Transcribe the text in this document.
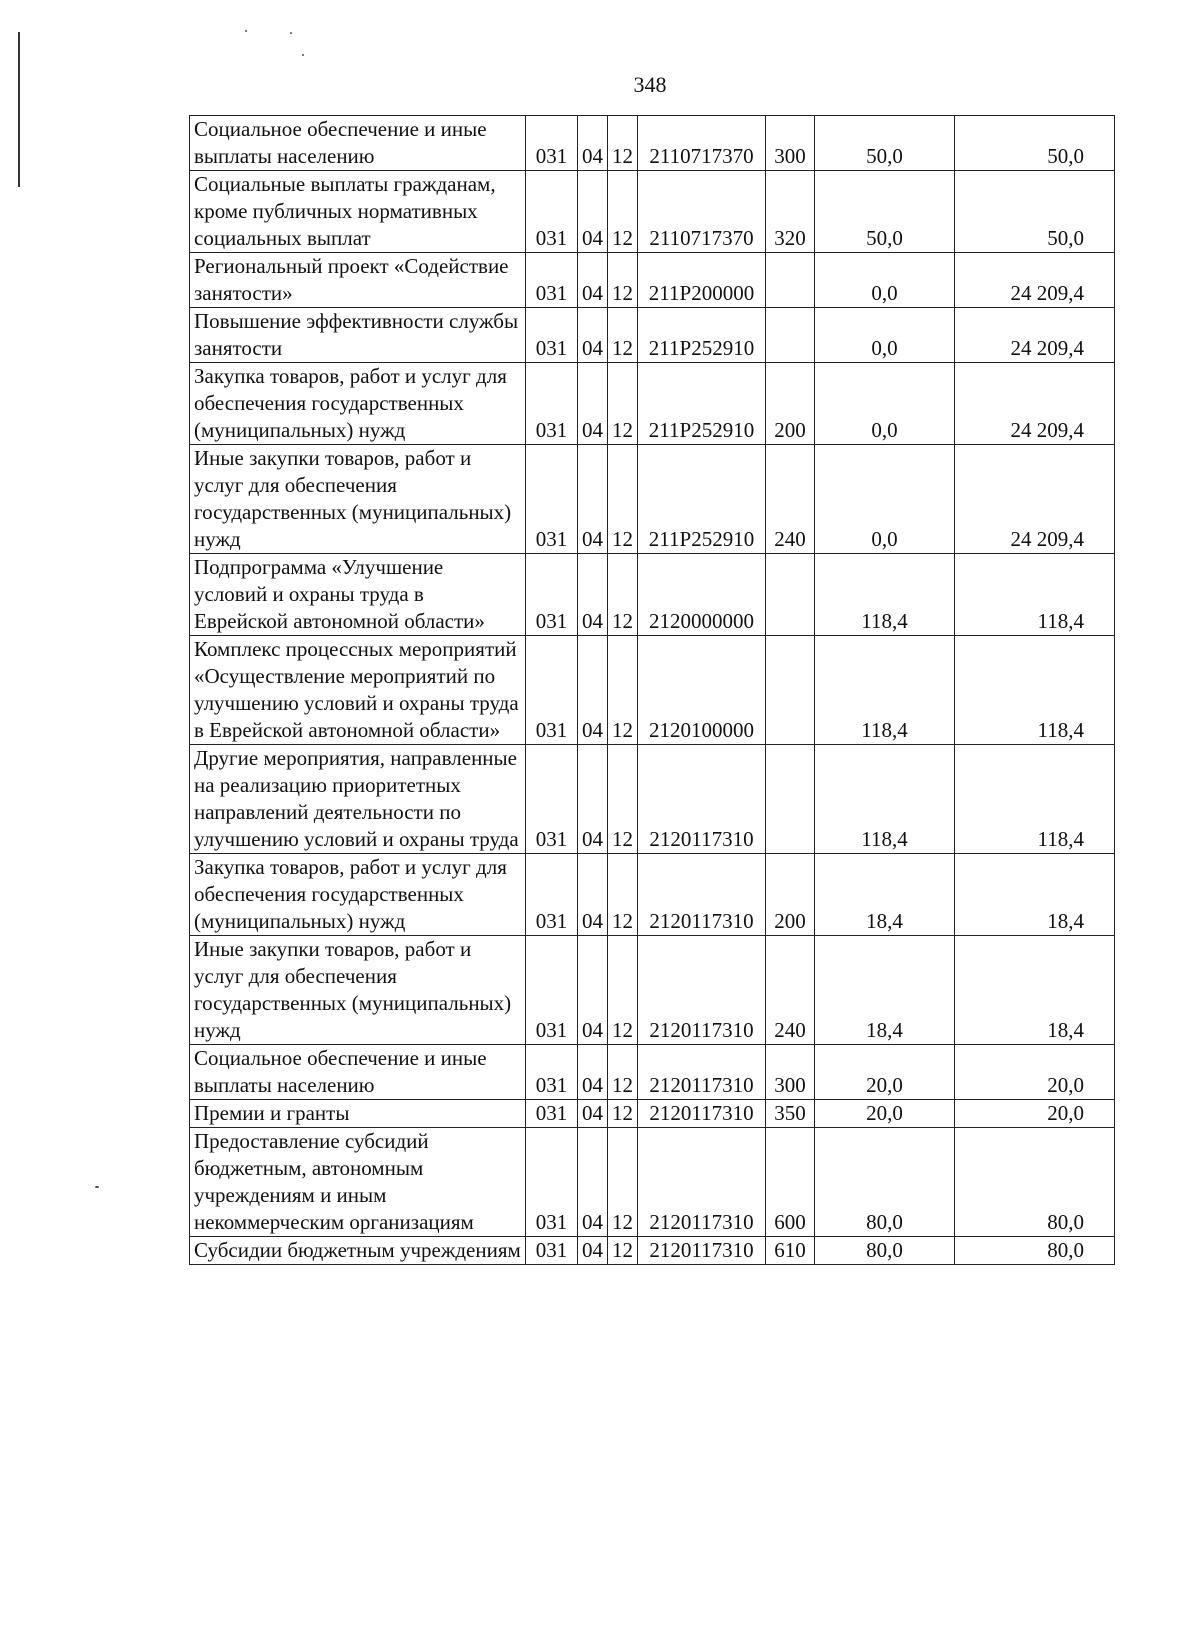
348
Социальное обеспечение и иные выплаты населению	031	04	12	2110717370	300	50,0	50,0
Социальные выплаты гражданам, кроме публичных нормативных социальных выплат	031	04	12	2110717370	320	50,0	50,0
Региональный проект «Содействие занятости»	031	04	12	211Р200000		0,0	24 209,4
Повышение эффективности службы занятости	031	04	12	211Р252910		0,0	24 209,4
Закупка товаров, работ и услуг для обеспечения государственных (муниципальных) нужд	031	04	12	211Р252910	200	0,0	24 209,4
Иные закупки товаров, работ и услуг для обеспечения государственных (муниципальных) нужд	031	04	12	211Р252910	240	0,0	24 209,4
Подпрограмма «Улучшение условий и охраны труда в Еврейской автономной области»	031	04	12	2120000000		118,4	118,4
Комплекс процессных мероприятий «Осуществление мероприятий по улучшению условий и охраны труда в Еврейской автономной области»	031	04	12	2120100000		118,4	118,4
Другие мероприятия, направленные на реализацию приоритетных направлений деятельности по улучшению условий и охраны труда	031	04	12	2120117310		118,4	118,4
Закупка товаров, работ и услуг для обеспечения государственных (муниципальных) нужд	031	04	12	2120117310	200	18,4	18,4
Иные закупки товаров, работ и услуг для обеспечения государственных (муниципальных) нужд	031	04	12	2120117310	240	18,4	18,4
Социальное обеспечение и иные выплаты населению	031	04	12	2120117310	300	20,0	20,0
Премии и гранты	031	04	12	2120117310	350	20,0	20,0
Предоставление субсидий бюджетным, автономным учреждениям и иным некоммерческим организациям	031	04	12	2120117310	600	80,0	80,0
Субсидии бюджетным учреждениям	031	04	12	2120117310	610	80,0	80,0
